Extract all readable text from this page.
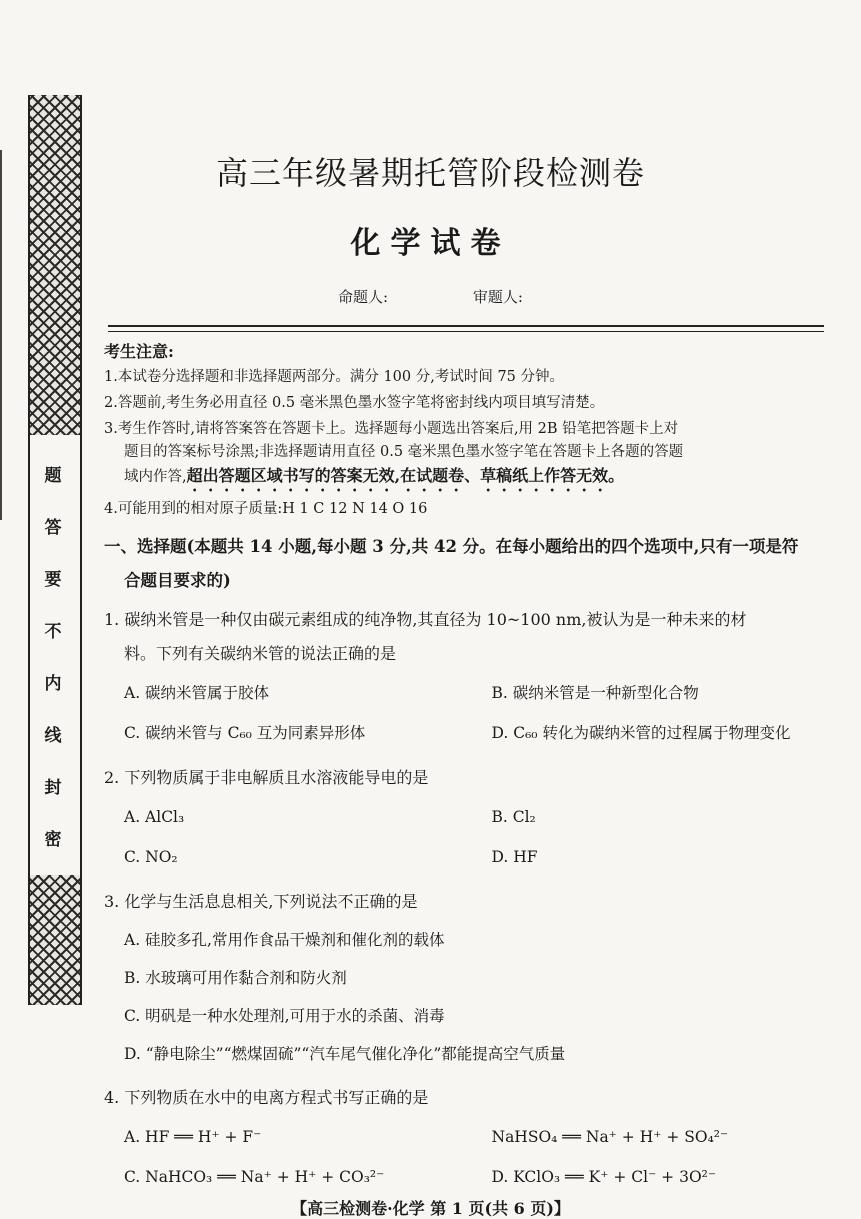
题
答
要
不
内
线
封
密
高三年级暑期托管阶段检测卷
化学试卷
命题人:	审题人:
考生注意:
1.本试卷分选择题和非选择题两部分。满分 100 分,考试时间 75 分钟。
2.答题前,考生务必用直径 0.5 毫米黑色墨水签字笔将密封线内项目填写清楚。
3.考生作答时,请将答案答在答题卡上。选择题每小题选出答案后,用 2B 铅笔把答题卡上对
题目的答案标号涂黑;非选择题请用直径 0.5 毫米黑色墨水签字笔在答题卡上各题的答题
域内作答,超出答题区域书写的答案无效,在试题卷、草稿纸上作答无效。
4.可能用到的相对原子质量:H 1 C 12 N 14 O 16
一、选择题(本题共 14 小题,每小题 3 分,共 42 分。在每小题给出的四个选项中,只有一项是符
合题目要求的)
1. 碳纳米管是一种仅由碳元素组成的纯净物,其直径为 10~100 nm,被认为是一种未来的材
料。下列有关碳纳米管的说法正确的是
A. 碳纳米管属于胶体	B. 碳纳米管是一种新型化合物
C. 碳纳米管与 C₆₀ 互为同素异形体	D. C₆₀ 转化为碳纳米管的过程属于物理变化
2. 下列物质属于非电解质且水溶液能导电的是
A. AlCl₃	B. Cl₂
C. NO₂	D. HF
3. 化学与生活息息相关,下列说法不正确的是
A. 硅胶多孔,常用作食品干燥剂和催化剂的载体
B. 水玻璃可用作黏合剂和防火剂
C. 明矾是一种水处理剂,可用于水的杀菌、消毒
D. “静电除尘”“燃煤固硫”“汽车尾气催化净化”都能提高空气质量
4. 下列物质在水中的电离方程式书写正确的是
A. HF ══ H⁺ + F⁻	NaHSO₄ ══ Na⁺ + H⁺ + SO₄²⁻
C. NaHCO₃ ══ Na⁺ + H⁺ + CO₃²⁻	D. KClO₃ ══ K⁺ + Cl⁻ + 3O²⁻
【高三检测卷·化学 第 1 页(共 6 页)】
